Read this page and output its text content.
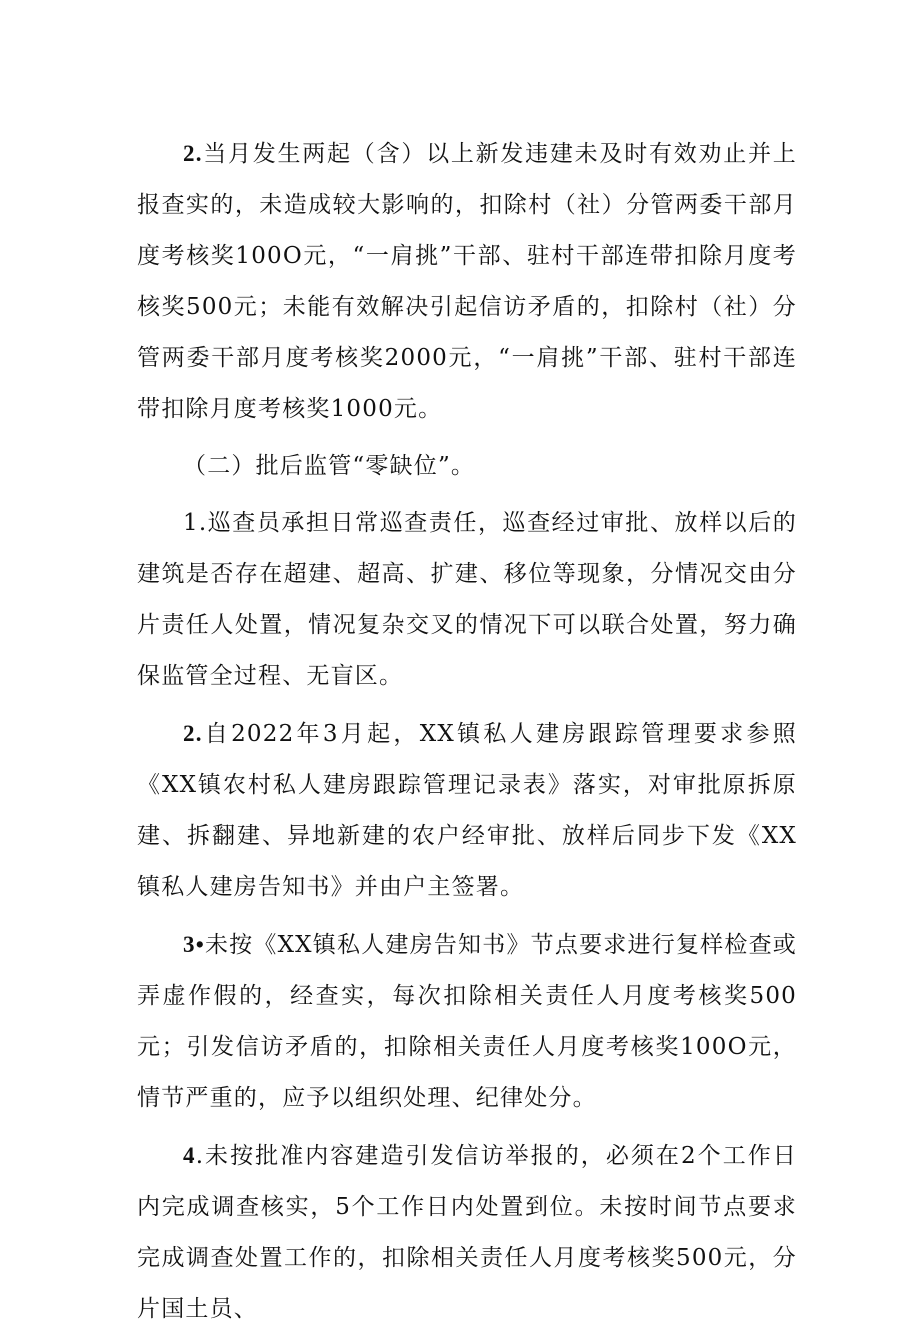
2.当月发生两起（含）以上新发违建未及时有效劝止并上报查实的，未造成较大影响的，扣除村（社）分管两委干部月度考核奖100O元，“一肩挑”干部、驻村干部连带扣除月度考核奖500元；未能有效解决引起信访矛盾的，扣除村（社）分管两委干部月度考核奖2000元，“一肩挑”干部、驻村干部连带扣除月度考核奖1000元。

（二）批后监管“零缺位”。

1.巡查员承担日常巡查责任，巡查经过审批、放样以后的建筑是否存在超建、超高、扩建、移位等现象，分情况交由分片责任人处置，情况复杂交叉的情况下可以联合处置，努力确保监管全过程、无盲区。

2.自2022年3月起，XX镇私人建房跟踪管理要求参照《XX镇农村私人建房跟踪管理记录表》落实，对审批原拆原建、拆翻建、异地新建的农户经审批、放样后同步下发《XX镇私人建房告知书》并由户主签署。

3•未按《XX镇私人建房告知书》节点要求进行复样检查或弄虚作假的，经查实，每次扣除相关责任人月度考核奖500元；引发信访矛盾的，扣除相关责任人月度考核奖100O元，情节严重的，应予以组织处理、纪律处分。

4.未按批准内容建造引发信访举报的，必须在2个工作日内完成调查核实，5个工作日内处置到位。未按时间节点要求完成调查处置工作的，扣除相关责任人月度考核奖500元，分片国土员、
